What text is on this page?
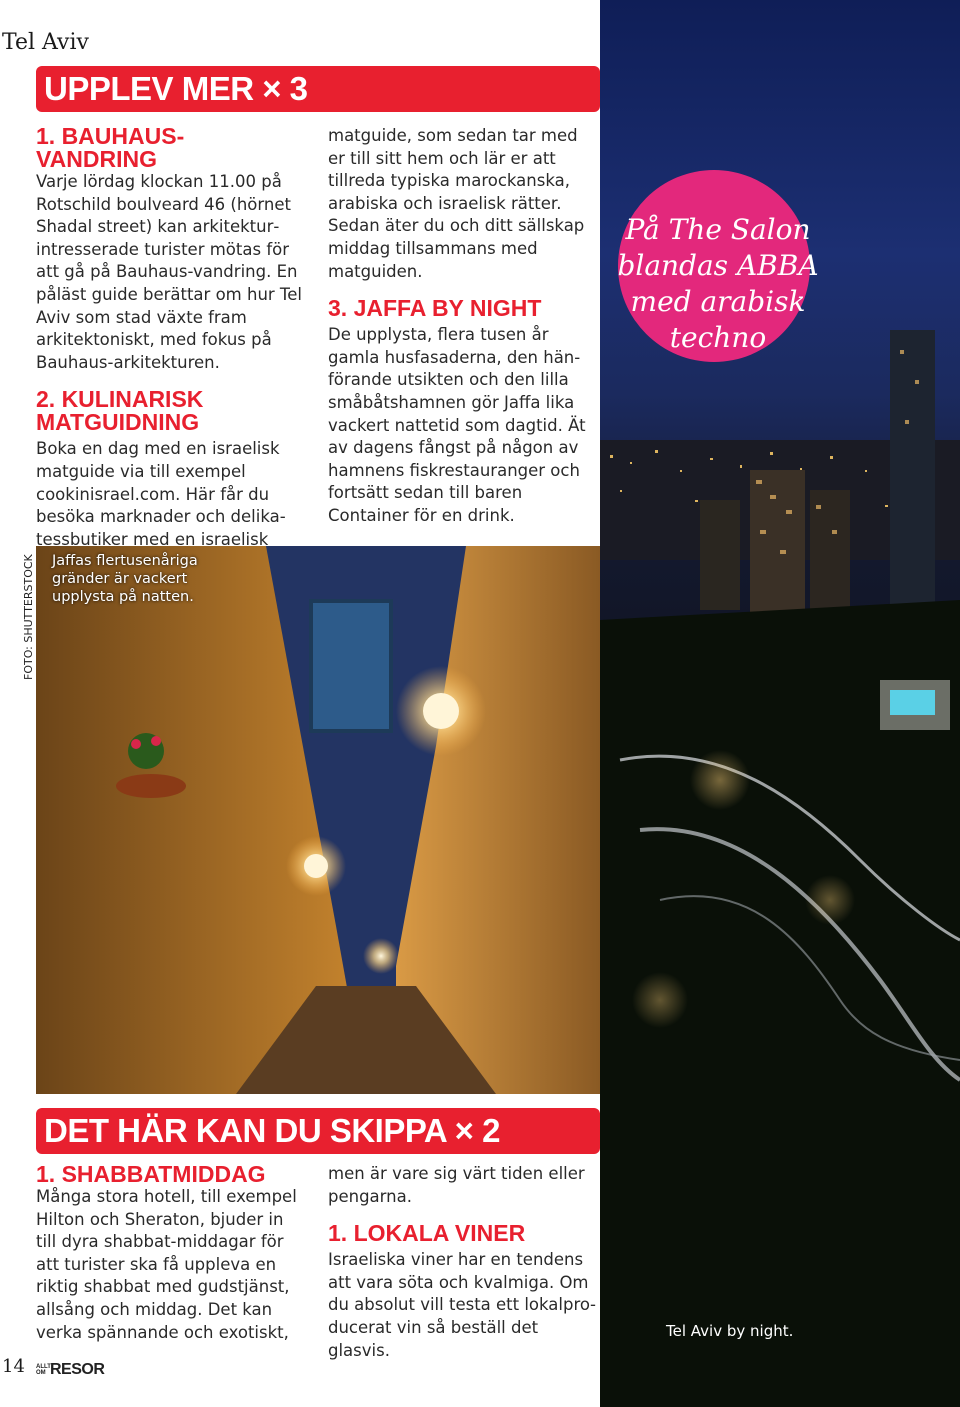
Tel Aviv
UPPLEV MER × 3
1. BAUHAUS-VANDRING

Varje lördag klockan 11.00 på Rotschild boulveard 46 (hörnet Shadal street) kan arkitekturintresserade turister mötas för att gå på Bauhaus-vandring. En påläst guide berättar om hur Tel Aviv som stad växte fram arkitektoniskt, med fokus på Bauhaus-arkitekturen.

2. KULINARISK MATGUIDNING

Boka en dag med en israelisk matguide via till exempel cookinisrael.com. Här får du besöka marknader och delikatessbutiker med en israelisk

matguide, som sedan tar med er till sitt hem och lär er att tillreda typiska marockanska, arabiska och israelisk rätter. Sedan äter du och ditt sällskap middag tillsammans med matguiden.

3. JAFFA BY NIGHT

De upplysta, flera tusen år gamla husfasaderna, den hänförande utsikten och den lilla småbåtshamnen gör Jaffa lika vackert nattetid som dagtid. Ät av dagens fångst på någon av hamnens fiskrestauranger och fortsätt sedan till baren Container för en drink.

På The Salon blandas ABBA med arabisk techno
FOTO: SHUTTERSTOCK Jaffas flertusenåriga gränder är vackert upplysta på natten.
DET HÄR KAN DU SKIPPA × 2
1. SHABBATMIDDAG

Många stora hotell, till exempel Hilton och Sheraton, bjuder in till dyra shabbat-middagar för att turister ska få uppleva en riktig shabbat med gudstjänst, allsång och middag. Det kan verka spännande och exotiskt,

men är vare sig värt tiden eller pengarna.

1. LOKALA VINER

Israeliska viner har en tendens att vara söta och kvalmiga. Om du absolut vill testa ett lokalproducerat vin så beställ det glasvis.

Tel Aviv by night.
14 ALLT OM RESOR
